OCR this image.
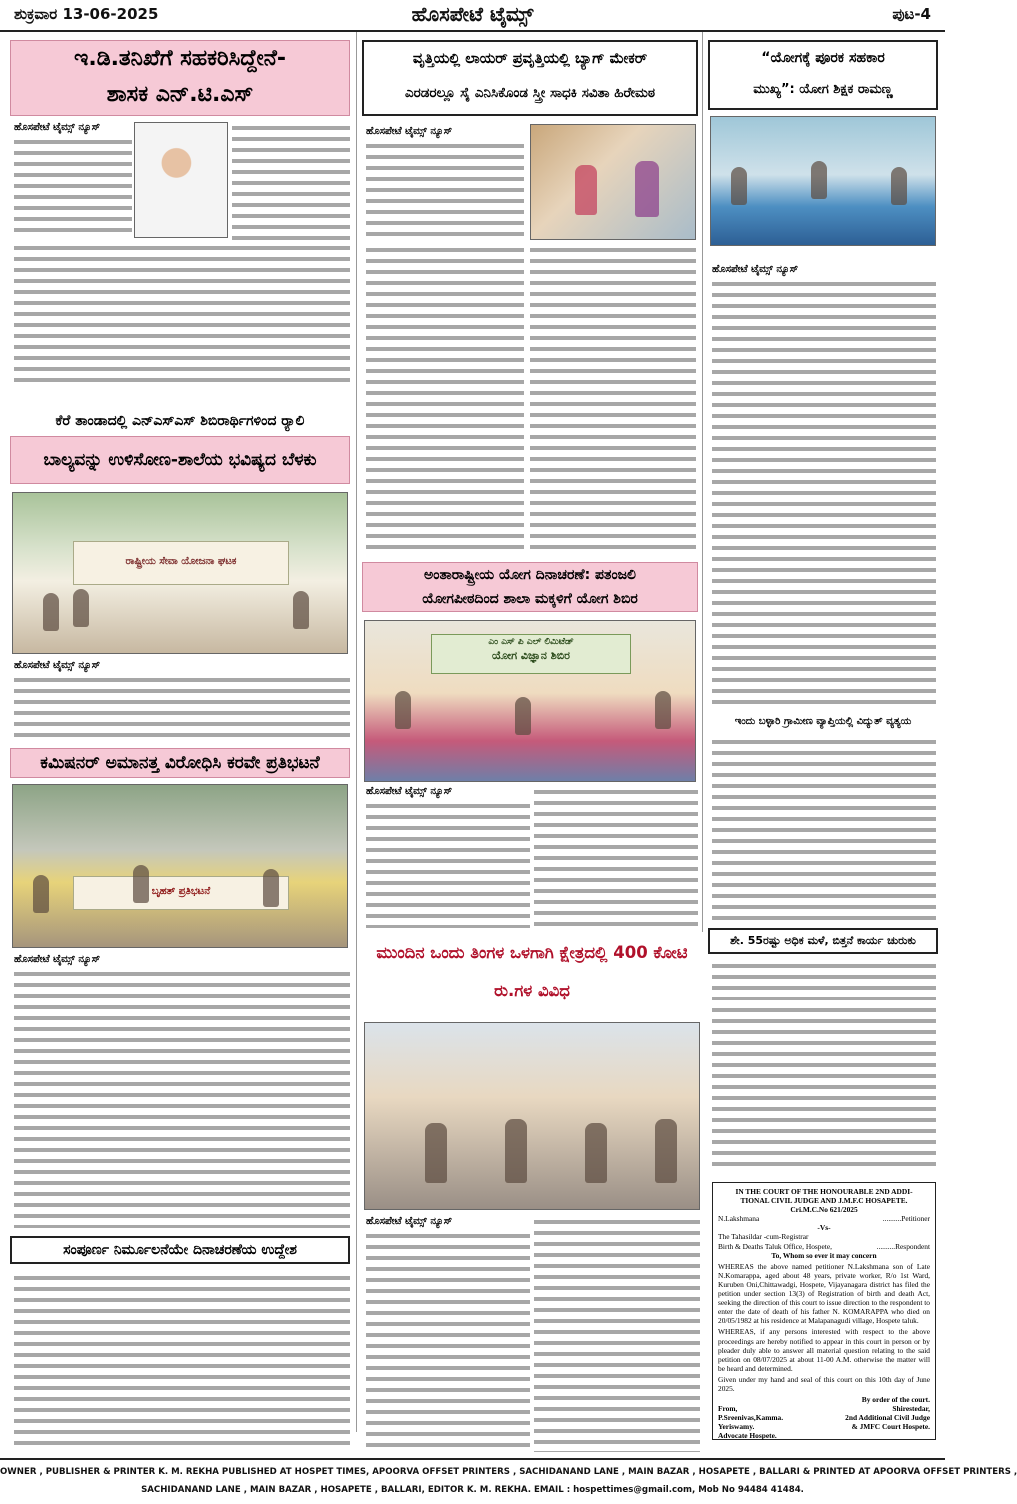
ಹೊಸಪೇಟೆ ಟೈಮ್ಸ್
ಶುಕ್ರವಾರ 13-06-2025	ಪುಟ-4
ಇ.ಡಿ.ತನಿಖೆಗೆ ಸಹಕರಿಸಿದ್ದೇನೆ-
ಶಾಸಕ ಎನ್.ಟಿ.ಎಸ್
ಹೊಸಪೇಟೆ ಟೈಮ್ಸ್ ನ್ಯೂಸ್
ಕೆರೆ ತಾಂಡಾದಲ್ಲಿ ಎನ್‌ಎಸ್‌ಎಸ್ ಶಿಬಿರಾರ್ಥಿಗಳಿಂದ ರ್‍ಯಾಲಿ
ಬಾಲ್ಯವನ್ನು ಉಳಿಸೋಣ-ಶಾಲೆಯ ಭವಿಷ್ಯದ ಬೆಳಕು
ರಾಷ್ಟ್ರೀಯ ಸೇವಾ ಯೋಜನಾ ಘಟಕ
ಹೊಸಪೇಟೆ ಟೈಮ್ಸ್ ನ್ಯೂಸ್
ಕಮಿಷನರ್ ಅಮಾನತ್ತ ವಿರೋಧಿಸಿ ಕರವೇ ಪ್ರತಿಭಟನೆ
ಬೃಹತ್ ಪ್ರತಿಭಟನೆ
ಹೊಸಪೇಟೆ ಟೈಮ್ಸ್ ನ್ಯೂಸ್
ಸಂಪೂರ್ಣ ನಿರ್ಮೂಲನೆಯೇ ದಿನಾಚರಣೆಯ ಉದ್ದೇಶ
ವೃತ್ತಿಯಲ್ಲಿ ಲಾಯರ್ ಪ್ರವೃತ್ತಿಯಲ್ಲಿ ಬ್ಯಾಗ್ ಮೇಕರ್
ಎರಡರಲ್ಲೂ ಸೈ ಎನಿಸಿಕೊಂಡ ಸ್ತ್ರೀ ಸಾಧಕಿ ಸವಿತಾ ಹಿರೇಮಠ
ಹೊಸಪೇಟೆ ಟೈಮ್ಸ್ ನ್ಯೂಸ್
ಅಂತಾರಾಷ್ಟ್ರೀಯ ಯೋಗ ದಿನಾಚರಣೆ: ಪತಂಜಲಿ
ಯೋಗಪೀಠದಿಂದ ಶಾಲಾ ಮಕ್ಕಳಿಗೆ ಯೋಗ ಶಿಬಿರ
ಎಂ ಎಸ್ ಪಿ ಎಲ್ ಲಿಮಿಟೆಡ್
ಯೋಗ ವಿಜ್ಞಾನ ಶಿಬಿರ
ಹೊಸಪೇಟೆ ಟೈಮ್ಸ್ ನ್ಯೂಸ್
ಮುಂದಿನ ಒಂದು ತಿಂಗಳ ಒಳಗಾಗಿ ಕ್ಷೇತ್ರದಲ್ಲಿ 400 ಕೋಟಿ ರು.ಗಳ ವಿವಿಧ
ಹೊಸಪೇಟೆ ಟೈಮ್ಸ್ ನ್ಯೂಸ್
“ಯೋಗಕ್ಕೆ ಪೂರಕ ಸಹಕಾರ
ಮುಖ್ಯ”: ಯೋಗ ಶಿಕ್ಷಕ ರಾಮಣ್ಣ
ಹೊಸಪೇಟೆ ಟೈಮ್ಸ್ ನ್ಯೂಸ್
ಇಂದು ಬಳ್ಳಾರಿ ಗ್ರಾಮೀಣ ವ್ಯಾಪ್ತಿಯಲ್ಲಿ ವಿದ್ಯುತ್ ವ್ಯತ್ಯಯ
ಶೇ. 55ರಷ್ಟು ಅಧಿಕ ಮಳೆ, ಬಿತ್ತನೆ ಕಾರ್ಯ ಚುರುಕು
IN THE COURT OF THE HONOURABLE 2ND ADDI-
TIONAL CIVIL JUDGE AND J.M.F.C HOSAPETE.
Cri.M.C.No 621/2025
N.Lakshmana	..........Petitioner
-Vs-
The Tahasildar -cum-Registrar
Birth & Deaths Taluk Office, Hospete,	..........Respondent
To, Whom so ever it may concern

WHEREAS the above named petitioner N.Lakshmana son of Late N.Komarappa, aged about 48 years, private worker, R/o 1st Ward, Kuruben Oni,Chittawadgi, Hospete, Vijayanagara district has filed the petition under section 13(3) of Registration of birth and death Act, seeking the direction of this court to issue direction to the respondent to enter the date of death of his father N. KOMARAPPA who died on 20/05/1982 at his residence at Malapanagudi village, Hospete taluk.

WHEREAS, if any persons interested with respect to the above proceedings are hereby notified to appear in this court in person or by pleader duly able to answer all material question relating to the said petition on 08/07/2025 at about 11-00 A.M. otherwise the matter will be heard and determined.

Given under my hand and seal of this court on this 10th day of June 2025.

By order of the court.
From,
P.Sreenivas,Kamma.
Yeriswamy.
Advocate Hospete.
Shirestedar,
2nd Additional Civil Judge
& JMFC Court Hospete.
OWNER , PUBLISHER & PRINTER K. M. REKHA PUBLISHED AT HOSPET TIMES, APOORVA OFFSET PRINTERS , SACHIDANAND LANE , MAIN BAZAR , HOSAPETE , BALLARI & PRINTED AT APOORVA OFFSET PRINTERS ,
SACHIDANAND LANE , MAIN BAZAR , HOSAPETE , BALLARI, EDITOR K. M. REKHA. EMAIL : hospettimes@gmail.com, Mob No 94484 41484.
